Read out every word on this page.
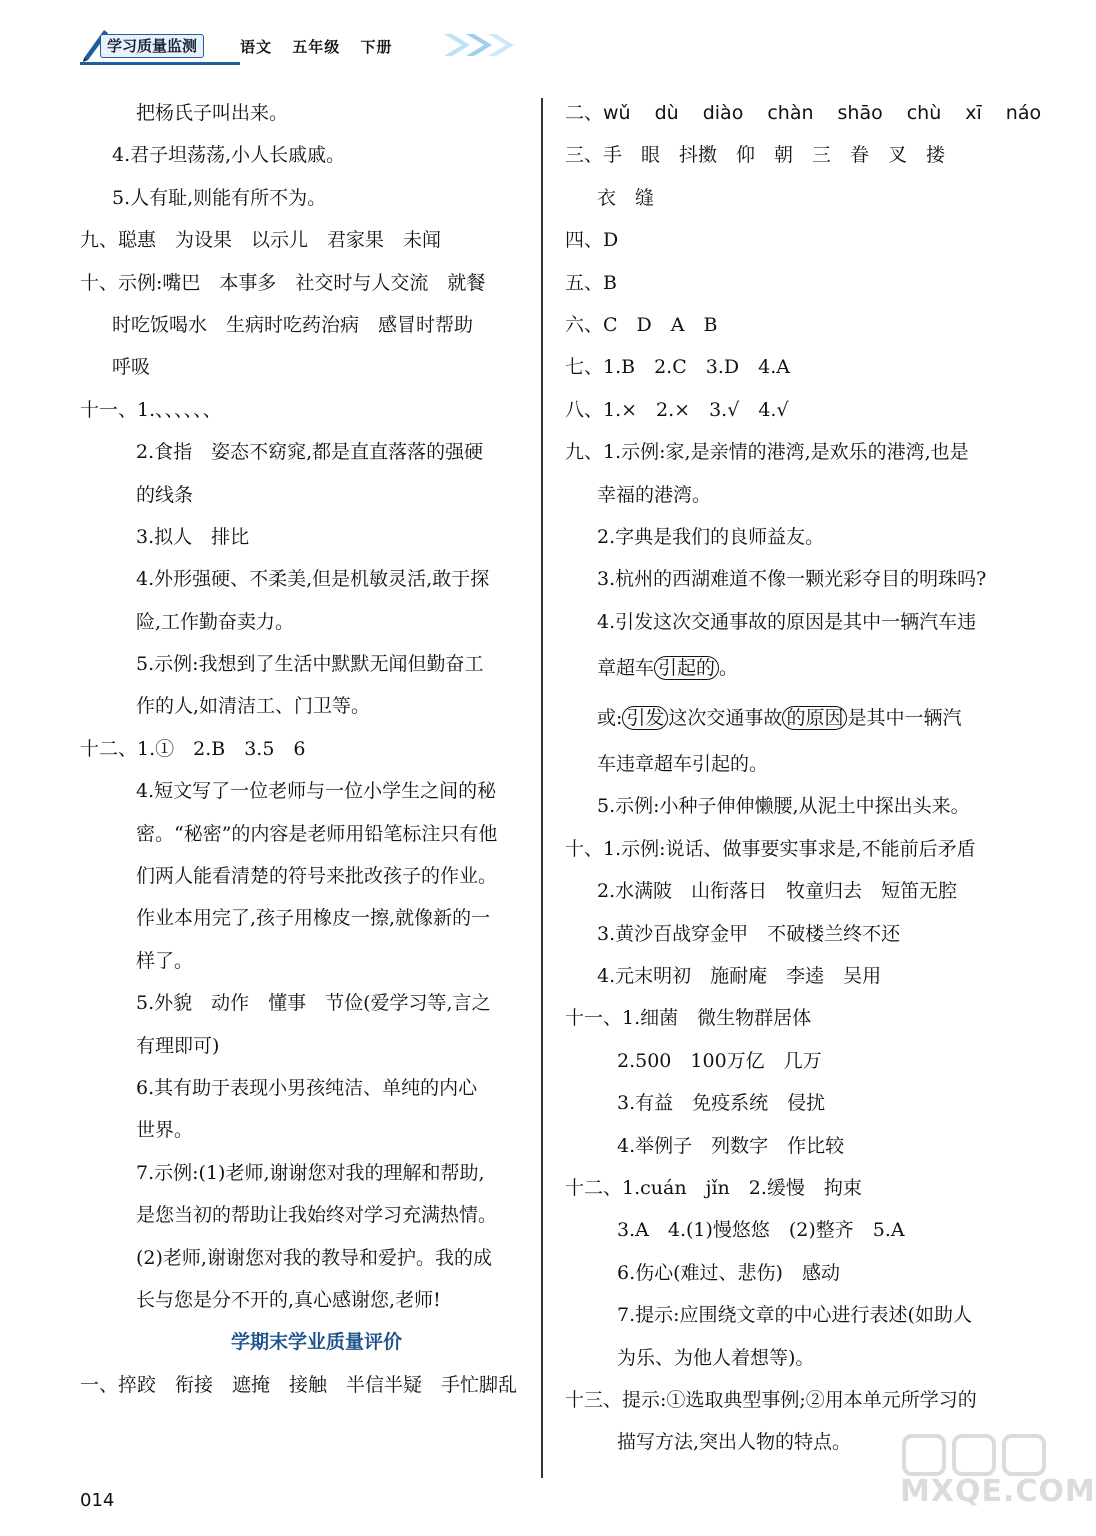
学习质量监测	语文 五年级 下册
把杨氏子叫出来。
4.君子坦荡荡,小人长戚戚。
5.人有耻,则能有所不为。
九、聪惠　为设果　以示儿　君家果　未闻
十、示例:嘴巴　本事多　社交时与人交流　就餐
时吃饭喝水　生病时吃药治病　感冒时帮助
呼吸
十一、1.、、、、、、
2.食指　姿态不窈窕,都是直直落落的强硬
的线条
3.拟人　排比
4.外形强硬、不柔美,但是机敏灵活,敢于探
险,工作勤奋卖力。
5.示例:我想到了生活中默默无闻但勤奋工
作的人,如清洁工、门卫等。
十二、1.①　2.B　3.5　6
4.短文写了一位老师与一位小学生之间的秘
密。“秘密”的内容是老师用铅笔标注只有他
们两人能看清楚的符号来批改孩子的作业。
作业本用完了,孩子用橡皮一擦,就像新的一
样了。
5.外貌　动作　懂事　节俭(爱学习等,言之
有理即可)
6.其有助于表现小男孩纯洁、单纯的内心
世界。
7.示例:(1)老师,谢谢您对我的理解和帮助,
是您当初的帮助让我始终对学习充满热情。
(2)老师,谢谢您对我的教导和爱护。我的成
长与您是分不开的,真心感谢您,老师!
学期末学业质量评价
一、捽跤　衔接　遮掩　接触　半信半疑　手忙脚乱
二、wǔ dù diào chàn shāo chù xī náo
三、手　眼　抖擞　仰　朝　三　眷　叉　搂
衣　缝
四、D
五、B
六、C　D　A　B
七、1.B　2.C　3.D　4.A
八、1.×　2.×　3.√　4.√
九、1.示例:家,是亲情的港湾,是欢乐的港湾,也是
幸福的港湾。
2.字典是我们的良师益友。
3.杭州的西湖难道不像一颗光彩夺目的明珠吗?
4.引发这次交通事故的原因是其中一辆汽车违
章超车 引起的 。
或: 引发 这次交通事故 的原因 是其中一辆汽
车违章超车引起的。
5.示例:小种子伸伸懒腰,从泥土中探出头来。
十、1.示例:说话、做事要实事求是,不能前后矛盾
2.水满陂　山衔落日　牧童归去　短笛无腔
3.黄沙百战穿金甲　不破楼兰终不还
4.元末明初　施耐庵　李逵　吴用
十一、1.细菌　微生物群居体
2.500　100万亿　几万
3.有益　免疫系统　侵扰
4.举例子　列数字　作比较
十二、1.cuán　jǐn　2.缓慢　拘束
3.A　4.(1)慢悠悠　(2)整齐　5.A
6.伤心(难过、悲伤)　感动
7.提示:应围绕文章的中心进行表述(如助人
为乐、为他人着想等)。
十三、提示:①选取典型事例;②用本单元所学习的
描写方法,突出人物的特点。
014	MXQE.COM
